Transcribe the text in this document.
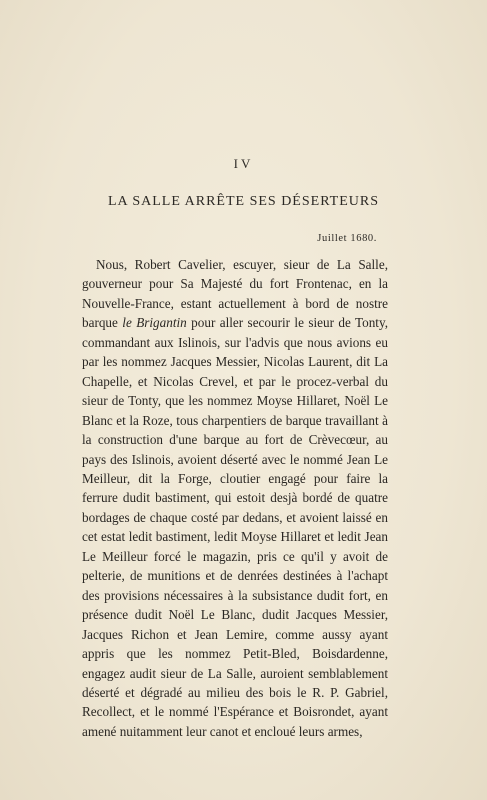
IV
LA SALLE ARRÊTE SES DÉSERTEURS
Juillet 1680.

Nous, Robert Cavelier, escuyer, sieur de La Salle, gouverneur pour Sa Majesté du fort Frontenac, en la Nouvelle-France, estant actuellement à bord de nostre barque le Brigantin pour aller secourir le sieur de Tonty, commandant aux Islinois, sur l'advis que nous avions eu par les nommez Jacques Messier, Nicolas Laurent, dit La Chapelle, et Nicolas Crevel, et par le procez-verbal du sieur de Tonty, que les nommez Moyse Hillaret, Noël Le Blanc et la Roze, tous charpentiers de barque travaillant à la construction d'une barque au fort de Crèvecœur, au pays des Islinois, avoient déserté avec le nommé Jean Le Meilleur, dit la Forge, cloutier engagé pour faire la ferrure dudit bastiment, qui estoit desjà bordé de quatre bordages de chaque costé par dedans, et avoient laissé en cet estat ledit bastiment, ledit Moyse Hillaret et ledit Jean Le Meilleur forcé le magazin, pris ce qu'il y avoit de pelterie, de munitions et de denrées destinées à l'achapt des provisions nécessaires à la subsistance dudit fort, en présence dudit Noël Le Blanc, dudit Jacques Messier, Jacques Richon et Jean Lemire, comme aussy ayant appris que les nommez Petit-Bled, Boisdardenne, engagez audit sieur de La Salle, auroient semblablement déserté et dégradé au milieu des bois le R. P. Gabriel, Recollect, et le nommé l'Espérance et Boisrondet, ayant amené nuitamment leur canot et encloué leurs armes,
